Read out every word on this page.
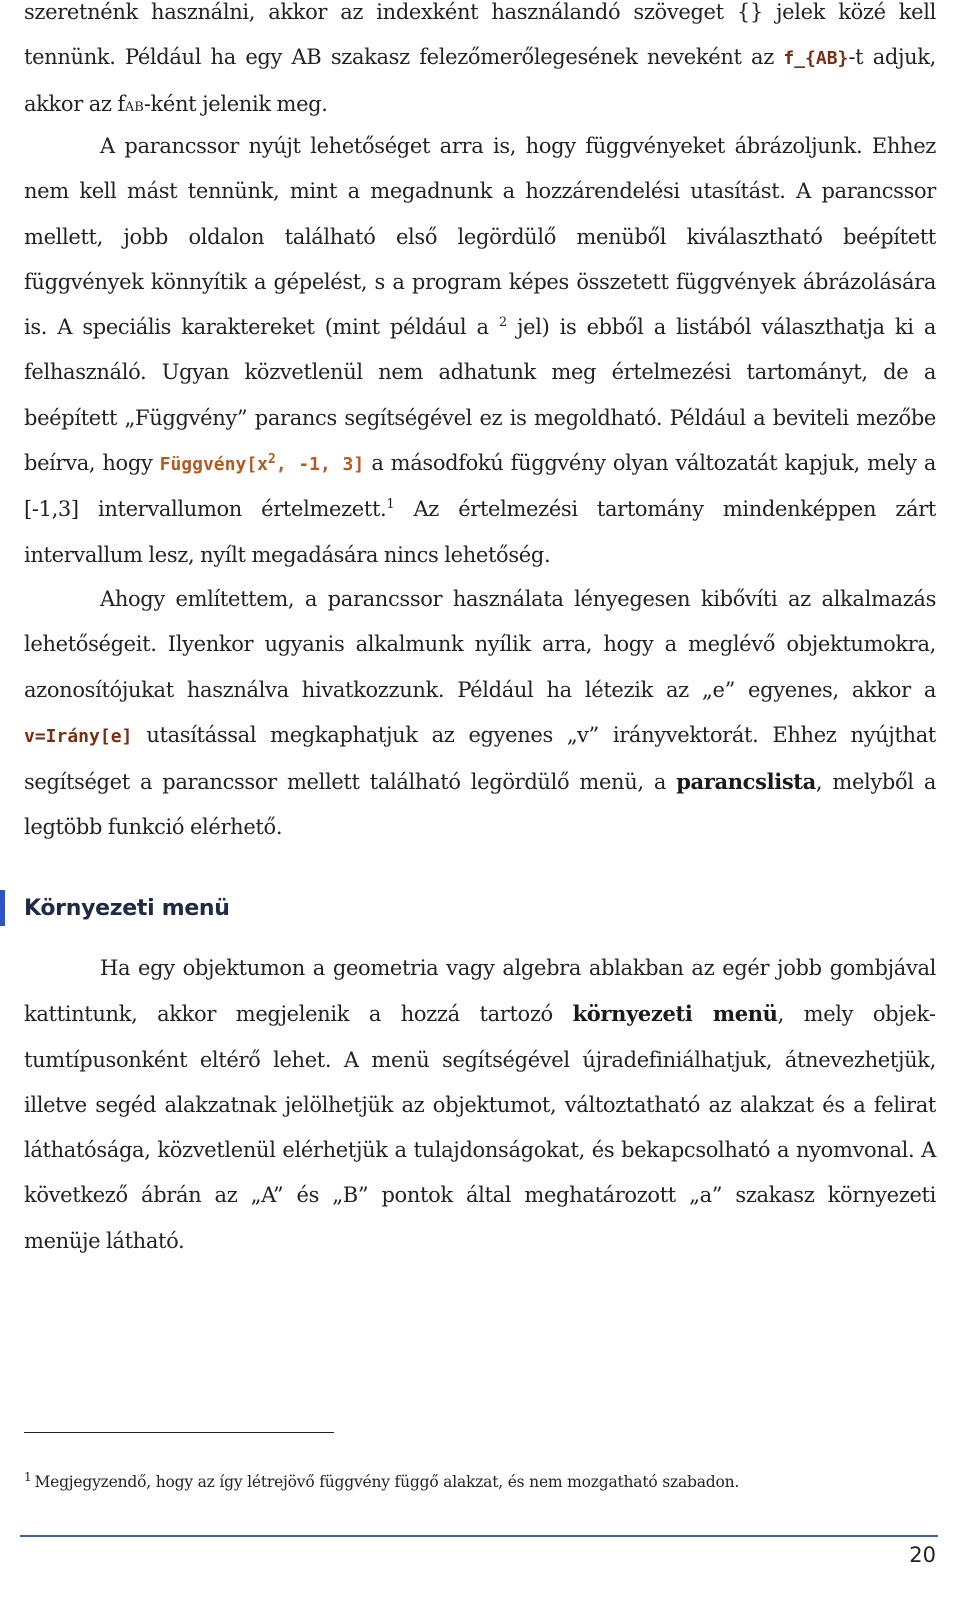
szeretnénk használni, akkor az indexként használandó szöveget {} jelek közé kell tennünk. Például ha egy AB szakasz felezőmerőlegesének neveként az f_{AB}-t adjuk, akkor az fAB-ként jelenik meg.

A parancssor nyújt lehetőséget arra is, hogy függvényeket ábrázoljunk. Ehhez nem kell mást tennünk, mint a megadnunk a hozzárendelési utasítást. A parancssor mellett, jobb oldalon található első legördülő menüből kiválasztható beépített függvények könnyítik a gépelést, s a program képes összetett függvények ábrázolására is. A speciális karaktereket (mint például a $^2$ jel) is ebből a listából választhatja ki a felhasználó. Ugyan közvetlenül nem adhatunk meg értelmezési tartományt, de a beépített „Függvény” parancs segítségével ez is megoldható. Például a beviteli mezőbe beírva, hogy $Függvény[x^2$, -1, 3] a másodfokú függvény olyan változatát kapjuk, mely a [-1,3] intervallumon értelmezett.$^1$ Az értelmezési tartomány mindenképpen zárt intervallum lesz, nyílt megadására nincs lehetőség.

Ahogy említettem, a parancssor használata lényegesen kibővíti az alkalmazás lehetőségeit. Ilyenkor ugyanis alkalmunk nyílik arra, hogy a meglévő objektumokra, azonosítójukat használva hivatkozzunk. Például ha létezik az „e” egyenes, akkor a v=Irány[e] utasítással megkaphatjuk az egyenes „v” irányvektorát. Ehhez nyújthat segítséget a parancssor mellett található legördülő menü, a parancslista, melyből a legtöbb funkció elérhető.

Környezeti menü

Ha egy objektumon a geometria vagy algebra ablakban az egér jobb gombjával kattintunk, akkor megjelenik a hozzá tartozó környezeti menü, mely objektumtípusonként eltérő lehet. A menü segítségével újradefiniálhatjuk, átnevezhetjük, illetve segéd alakzatnak jelölhetjük az objektumot, változtatható az alakzat és a felirat láthatósága, közvetlenül elérhetjük a tulajdonságokat, és bekapcsolható a nyomvonal. A következő ábrán az „A” és „B” pontok által meghatározott „a” szakasz környezeti menüje látható.

$^1$ Megjegyzendő, hogy az így létrejövő függvény függő alakzat, és nem mozgatható szabadon.
20
